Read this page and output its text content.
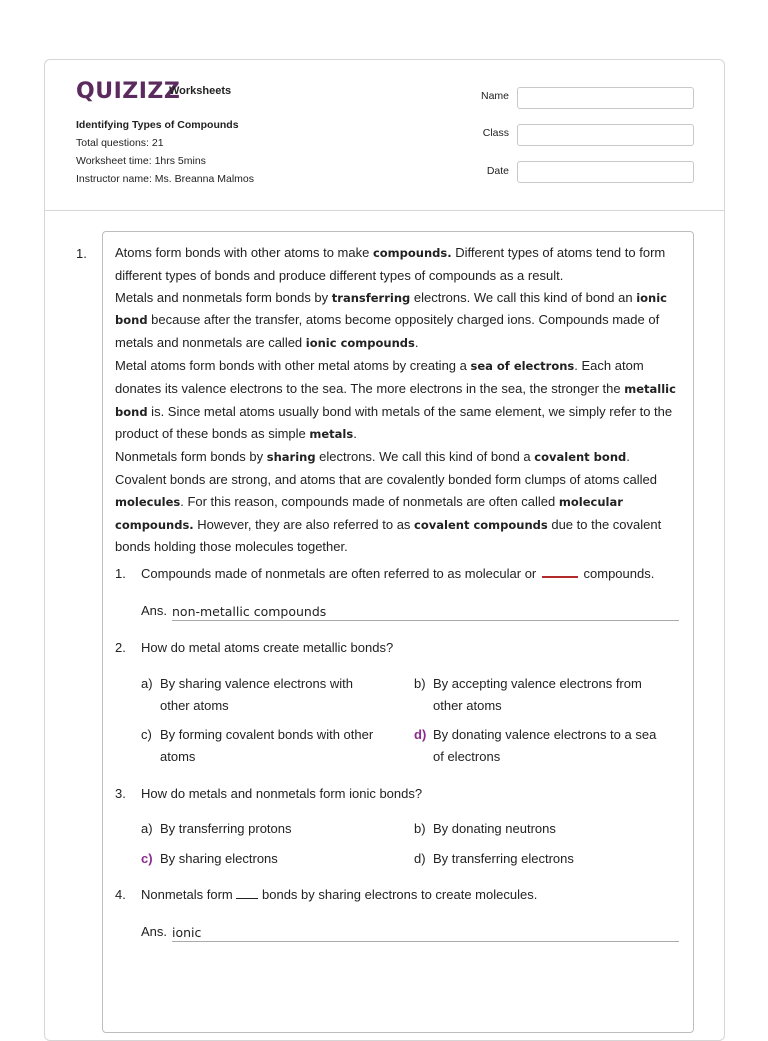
QUIZIZZ
Worksheets
Identifying Types of Compounds
Total questions: 21
Worksheet time: 1hrs 5mins
Instructor name: Ms. Breanna Malmos
Name
Class
Date
1. Atoms form bonds with other atoms to make compounds. Different types of atoms tend to form different types of bonds and produce different types of compounds as a result.
Metals and nonmetals form bonds by transferring electrons. We call this kind of bond an ionic bond because after the transfer, atoms become oppositely charged ions. Compounds made of metals and nonmetals are called ionic compounds.
Metal atoms form bonds with other metal atoms by creating a sea of electrons. Each atom donates its valence electrons to the sea. The more electrons in the sea, the stronger the metallic bond is. Since metal atoms usually bond with metals of the same element, we simply refer to the product of these bonds as simple metals.
Nonmetals form bonds by sharing electrons. We call this kind of bond a covalent bond. Covalent bonds are strong, and atoms that are covalently bonded form clumps of atoms called molecules. For this reason, compounds made of nonmetals are often called molecular compounds. However, they are also referred to as covalent compounds due to the covalent bonds holding those molecules together.
1. Compounds made of nonmetals are often referred to as molecular or	compounds.
Ans. non-metallic compounds
2. How do metal atoms create metallic bonds?
a) By sharing valence electrons with other atoms
b) By accepting valence electrons from other atoms
c) By forming covalent bonds with other atoms
d) By donating valence electrons to a sea of electrons
3. How do metals and nonmetals form ionic bonds?
a) By transferring protons	b) By donating neutrons
c) By sharing electrons	d) By transferring electrons
4. Nonmetals form bonds by sharing electrons to create molecules.
Ans. ionic
